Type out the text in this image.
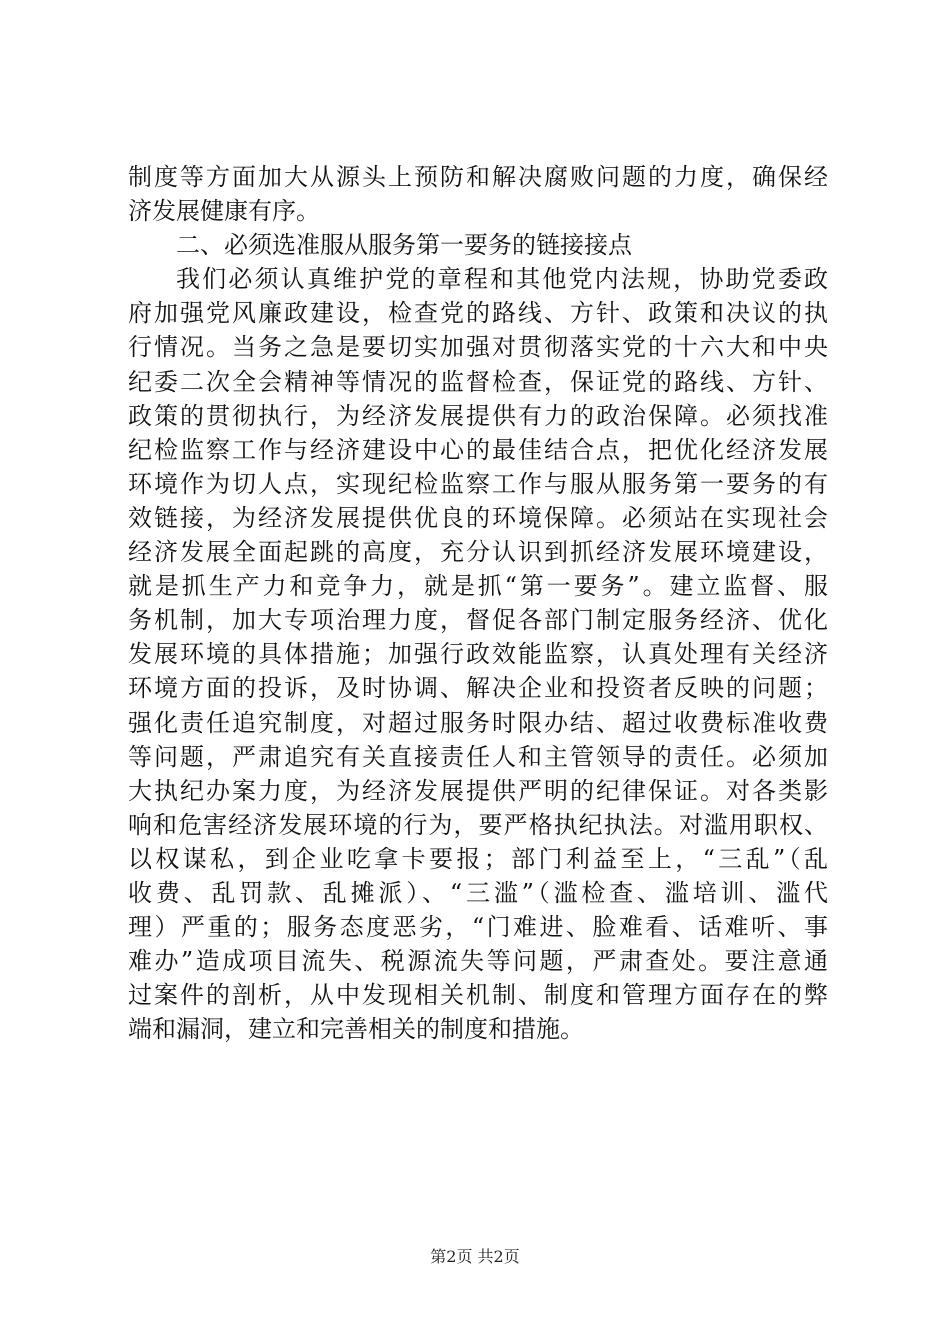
制度等方面加大从源头上预防和解决腐败问题的力度，确保经
济发展健康有序。
二、必须选准服从服务第一要务的链接接点
我们必须认真维护党的章程和其他党内法规，协助党委政
府加强党风廉政建设，检查党的路线、方针、政策和决议的执
行情况。当务之急是要切实加强对贯彻落实党的十六大和中央
纪委二次全会精神等情况的监督检查，保证党的路线、方针、
政策的贯彻执行，为经济发展提供有力的政治保障。必须找准
纪检监察工作与经济建设中心的最佳结合点，把优化经济发展
环境作为切人点，实现纪检监察工作与服从服务第一要务的有
效链接，为经济发展提供优良的环境保障。必须站在实现社会
经济发展全面起跳的高度，充分认识到抓经济发展环境建设，
就是抓生产力和竞争力，就是抓“第一要务”。建立监督、服
务机制，加大专项治理力度，督促各部门制定服务经济、优化
发展环境的具体措施；加强行政效能监察，认真处理有关经济
环境方面的投诉，及时协调、解决企业和投资者反映的问题；
强化责任追究制度，对超过服务时限办结、超过收费标准收费
等问题，严肃追究有关直接责任人和主管领导的责任。必须加
大执纪办案力度，为经济发展提供严明的纪律保证。对各类影
响和危害经济发展环境的行为，要严格执纪执法。对滥用职权、
以权谋私，到企业吃拿卡要报；部门利益至上，“三乱”（乱
收费、乱罚款、乱摊派）、“三滥”（滥检查、滥培训、滥代
理）严重的；服务态度恶劣，“门难进、脸难看、话难听、事
难办”造成项目流失、税源流失等问题，严肃查处。要注意通
过案件的剖析，从中发现相关机制、制度和管理方面存在的弊
端和漏洞，建立和完善相关的制度和措施。
第2页 共2页
